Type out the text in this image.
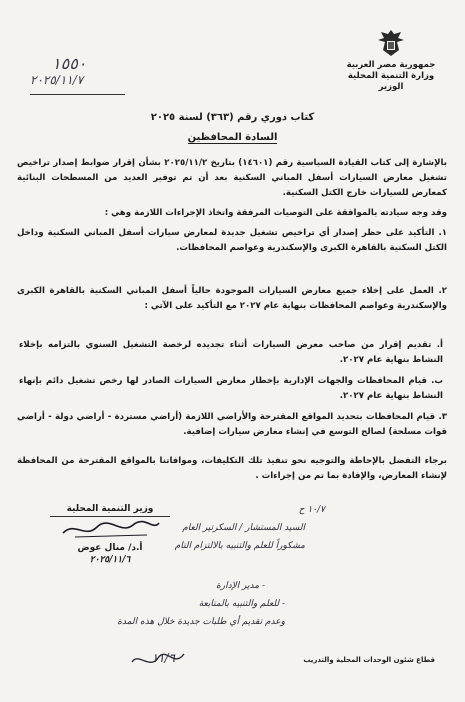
جمهورية مصر العربية
وزارة التنمية المحلية
الوزير
١٥٥٠
٢٠٢٥/١١/٧
كتاب دوري رقم (٣٦٣) لسنة ٢٠٢٥
السادة المحافظين
بالإشارة إلى كتاب القيادة السياسية رقم (١٤٦٠١) بتاريخ ٢٠٢٥/١١/٢ بشأن إقرار ضوابط إصدار تراخيص تشغيل معارض السيارات أسفل المباني السكنية بعد أن تم توفير العديد من المسطحات البنائية كمعارض للسيارات خارج الكتل السكنية.
وقد وجه سيادته بالموافقة على التوصيات المرفقة واتخاذ الإجراءات اللازمة وهي :
١. التأكيد على حظر إصدار أي تراخيص تشغيل جديدة لمعارض سيارات أسفل المباني السكنية وداخل الكتل السكنية بالقاهرة الكبرى والإسكندرية وعواصم المحافظات.
٢. العمل على إخلاء جميع معارض السيارات الموجودة حالياً أسفل المباني السكنية بالقاهرة الكبرى والإسكندرية وعواصم المحافظات بنهاية عام ٢٠٢٧ مع التأكيد على الآتي :
أ. تقديم إقرار من صاحب معرض السيارات أثناء تجديده لرخصة التشغيل السنوي بالتزامه بإخلاء النشاط بنهاية عام ٢٠٢٧.
ب. قيام المحافظات والجهات الإدارية بإخطار معارض السيارات الصادر لها رخص تشغيل دائم بإنهاء النشاط بنهاية عام ٢٠٢٧.
٣. قيام المحافظات بتحديد المواقع المقترحة والأراضي اللازمة (أراضي مستردة - أراضي دولة - أراضي قوات مسلحة) لصالح التوسع في إنشاء معارض سيارات إضافية.
برجاء التفضل بالإحاطة والتوجيه نحو تنفيذ تلك التكليفات، وموافاتنا بالمواقع المقترحة من المحافظة لإنشاء المعارض، والإفادة بما تم من إجراءات .
وزير التنمية المحلية
أ.د/ منال عوض
٢٠٢٥/١١/٦
١٠/٧ ح
السيد المستشار / السكرتير العام
مشكوراً للعلم والتنبيه بالالتزام التام
- مدير الإدارة
- للعلم والتنبيه بالمتابعة
وعدم تقديم أي طلبات جديدة خلال هذه المدة
١١/٦	قطاع شئون الوحدات المحلية والتدريب
